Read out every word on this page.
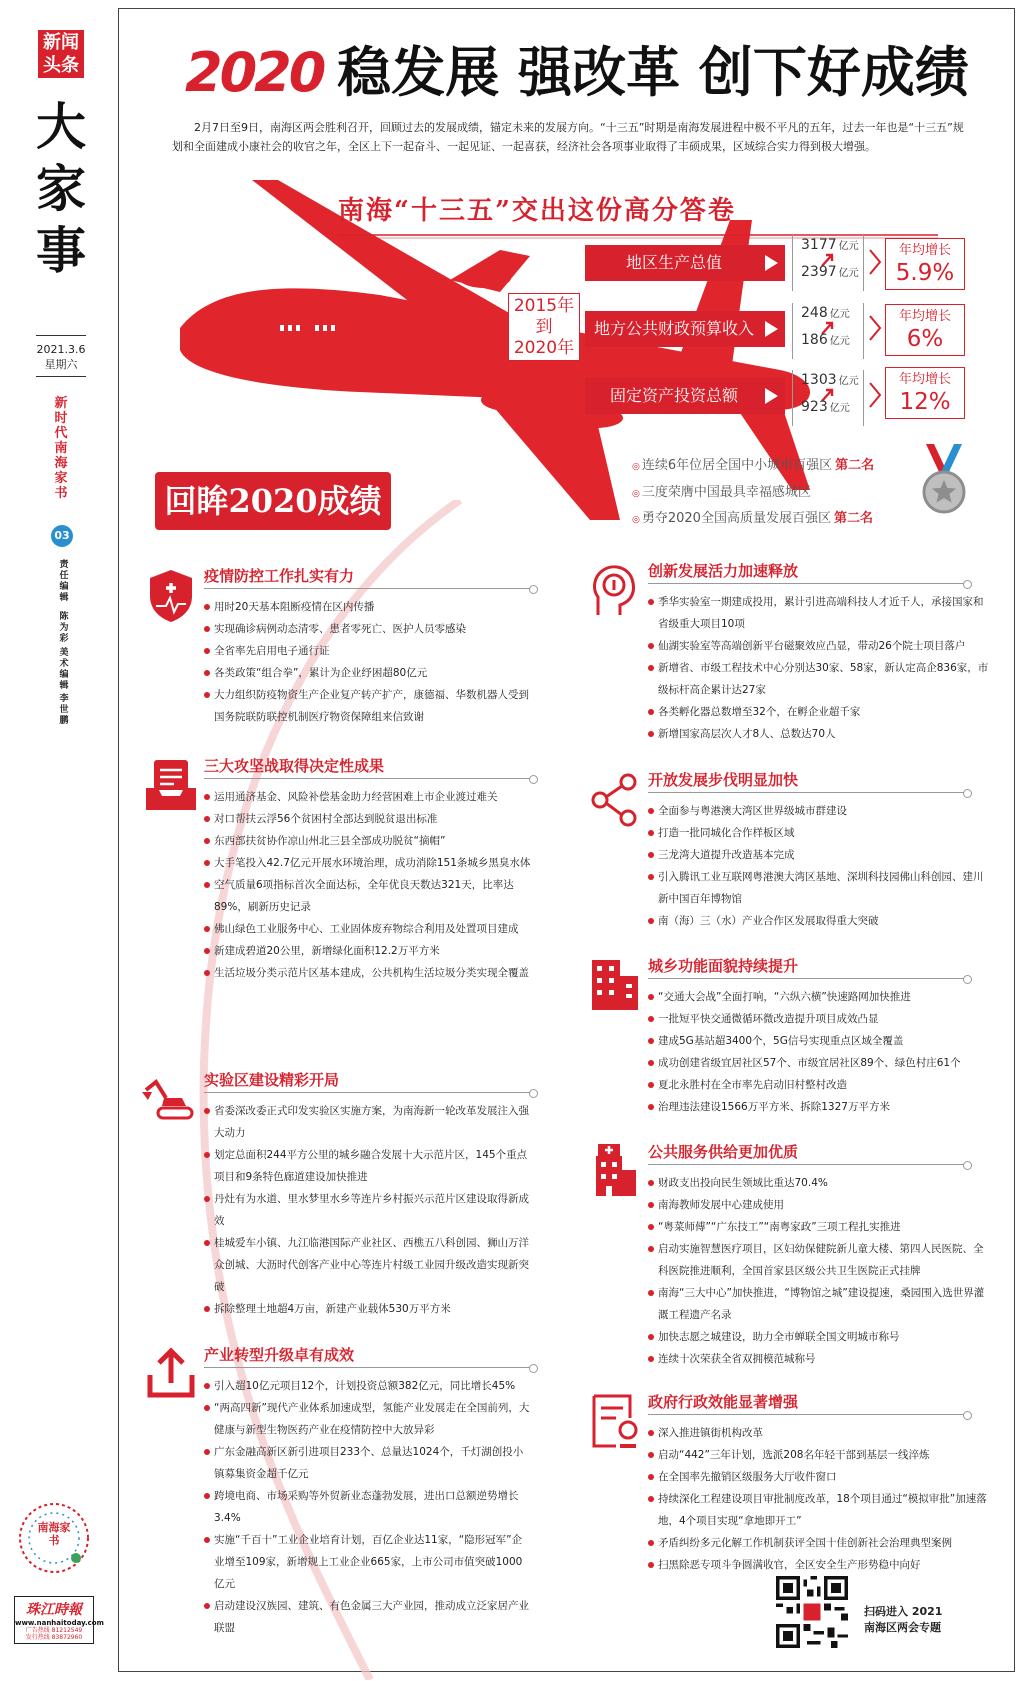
新闻
头条
大
家
事
2021.3.6
星期六
新
时
代
南
海
家
书
03
责任编辑
陈为彩
美术编辑
李世鹏
南海家书
珠江時報
www.nanhaitoday.com
广告热线 81212549
发行热线 83872960
2020 稳发展 强改革 创下好成绩

2月7日至9日，南海区两会胜利召开，回顾过去的发展成绩，锚定未来的发展方向。“十三五”时期是南海发展进程中极不平凡的五年，过去一年也是“十三五”规划和全面建成小康社会的收官之年，全区上下一起奋斗、一起见证、一起喜获，经济社会各项事业取得了丰硕成果，区域综合实力得到极大增强。

南海“十三五”交出这份高分答卷
2015年
到
2020年
地区生产总值
3177 亿元
2397 亿元
年均增长
5.9%
地方公共财政预算收入
248 亿元
186 亿元
年均增长
6%
固定资产投资总额
1303 亿元
923 亿元
年均增长
12%
◎ 连续6年位居全国中小城市百强区 第二名
◎ 三度荣膺中国最具幸福感城区
◎ 勇夺2020全国高质量发展百强区 第二名
回眸2020成绩
疫情防控工作扎实有力
用时20天基本阻断疫情在区内传播
实现确诊病例动态清零、患者零死亡、医护人员零感染
全省率先启用电子通行证
各类政策“组合拳”，累计为企业纾困超80亿元
大力组织防疫物资生产企业复产转产扩产，康德福、华数机器人受到国务院联防联控机制医疗物资保障组来信致谢
三大攻坚战取得决定性成果
运用通济基金、风险补偿基金助力经营困难上市企业渡过难关
对口帮扶云浮56个贫困村全部达到脱贫退出标准
东西部扶贫协作凉山州北三县全部成功脱贫“摘帽”
大手笔投入42.7亿元开展水环境治理，成功消除151条城乡黑臭水体
空气质量6项指标首次全面达标，全年优良天数达321天，比率达89%，刷新历史记录
佛山绿色工业服务中心、工业固体废弃物综合利用及处置项目建成
新建成碧道20公里，新增绿化面积12.2万平方米
生活垃圾分类示范片区基本建成，公共机构生活垃圾分类实现全覆盖
实验区建设精彩开局
省委深改委正式印发实验区实施方案，为南海新一轮改革发展注入强大动力
划定总面积244平方公里的城乡融合发展十大示范片区，145个重点项目和9条特色廊道建设加快推进
丹灶有为水道、里水梦里水乡等连片乡村振兴示范片区建设取得新成效
桂城爱车小镇、九江临港国际产业社区、西樵五八科创园、狮山万洋众创城、大沥时代创客产业中心等连片村级工业园升级改造实现新突破
拆除整理土地超4万亩，新建产业载体530万平方米
产业转型升级卓有成效
引入超10亿元项目12个，计划投资总额382亿元，同比增长45%
“两高四新”现代产业体系加速成型，氢能产业发展走在全国前列，大健康与新型生物医药产业在疫情防控中大放异彩
广东金融高新区新引进项目233个、总量达1024个，千灯湖创投小镇募集资金超千亿元
跨境电商、市场采购等外贸新业态蓬勃发展，进出口总额逆势增长3.4%
实施“千百十”工业企业培育计划，百亿企业达11家，“隐形冠军”企业增至109家，新增规上工业企业665家，上市公司市值突破1000亿元
启动建设汉族园、建筑、有色金属三大产业园，推动成立泛家居产业联盟
创新发展活力加速释放
季华实验室一期建成投用，累计引进高端科技人才近千人，承接国家和省级重大项目10项
仙湖实验室等高端创新平台磁聚效应凸显，带动26个院士项目落户
新增省、市级工程技术中心分别达30家、58家，新认定高企836家，市级标杆高企累计达27家
各类孵化器总数增至32个，在孵企业超千家
新增国家高层次人才8人、总数达70人
开放发展步伐明显加快
全面参与粤港澳大湾区世界级城市群建设
打造一批同城化合作样板区域
三龙湾大道提升改造基本完成
引入腾讯工业互联网粤港澳大湾区基地、深圳科技园佛山科创园、建川新中国百年博物馆
南（海）三（水）产业合作区发展取得重大突破
城乡功能面貌持续提升
“交通大会战”全面打响，“六纵六横”快速路网加快推进
一批短平快交通微循环微改造提升项目成效凸显
建成5G基站超3400个，5G信号实现重点区域全覆盖
成功创建省级宜居社区57个、市级宜居社区89个、绿色村庄61个
夏北永胜村在全市率先启动旧村整村改造
治理违法建设1566万平方米、拆除1327万平方米
公共服务供给更加优质
财政支出投向民生领域比重达70.4%
南海教师发展中心建成使用
“粤菜师傅”“广东技工”“南粤家政”三项工程扎实推进
启动实施智慧医疗项目，区妇幼保健院新儿童大楼、第四人民医院、全科医院推进顺利，全国首家县区级公共卫生医院正式挂牌
南海“三大中心”加快推进，“博物馆之城”建设提速，桑园围入选世界灌溉工程遗产名录
加快志愿之城建设，助力全市蝉联全国文明城市称号
连续十次荣获全省双拥模范城称号
政府行政效能显著增强
深入推进镇街机构改革
启动“442”三年计划，选派208名年轻干部到基层一线淬炼
在全国率先撤销区级服务大厅收件窗口
持续深化工程建设项目审批制度改革，18个项目通过“模拟审批”加速落地，4个项目实现“拿地即开工”
矛盾纠纷多元化解工作机制获评全国十佳创新社会治理典型案例
扫黑除恶专项斗争圆满收官，全区安全生产形势稳中向好
扫码进入 2021
南海区两会专题
